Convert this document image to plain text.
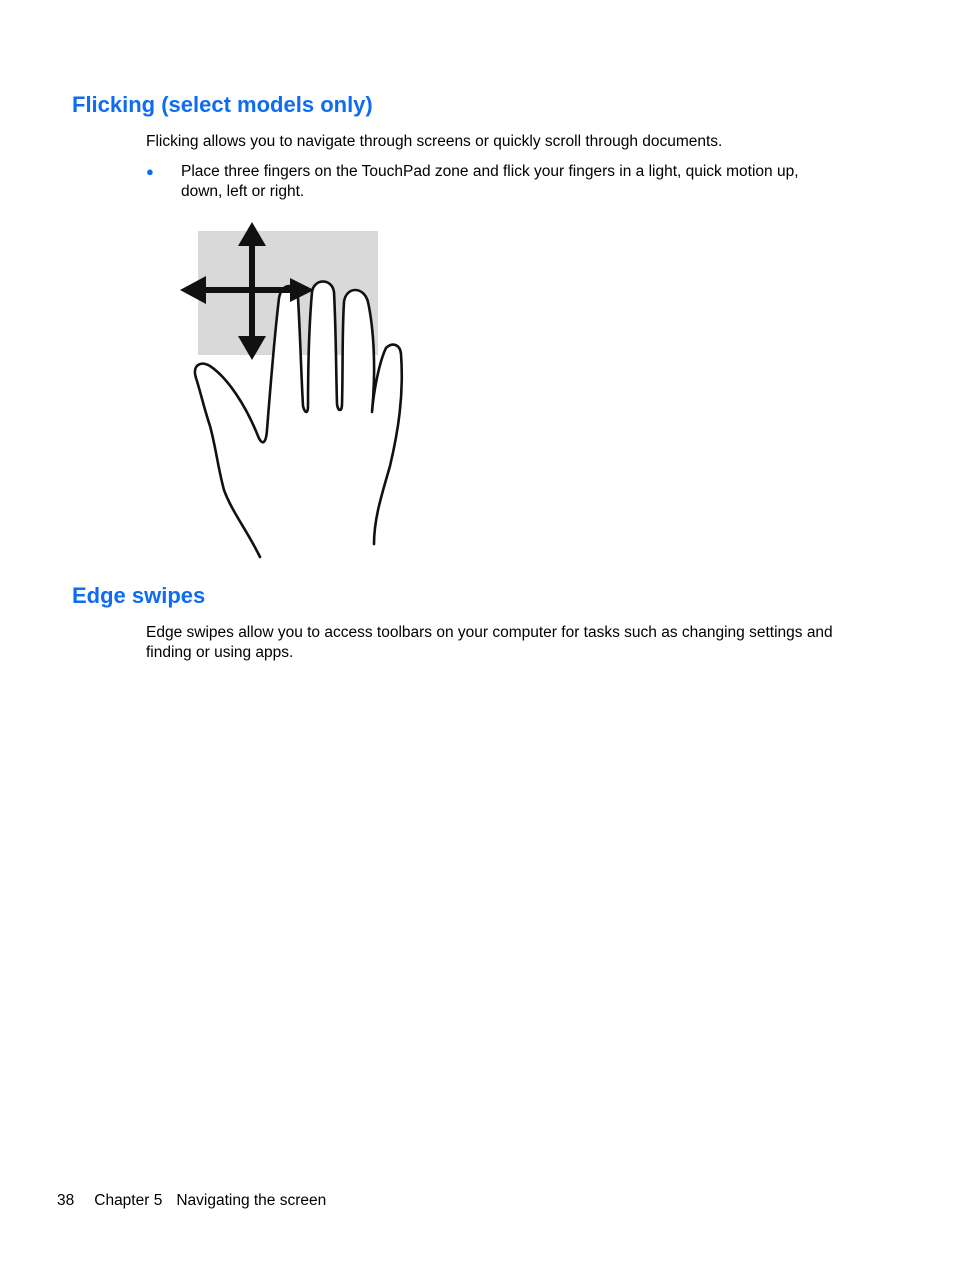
Flicking (select models only)

Flicking allows you to navigate through screens or quickly scroll through documents.

● Place three fingers on the TouchPad zone and flick your fingers in a light, quick motion up, down, left or right.

Edge swipes

Edge swipes allow you to access toolbars on your computer for tasks such as changing settings and finding or using apps.

38 Chapter 5 Navigating the screen
